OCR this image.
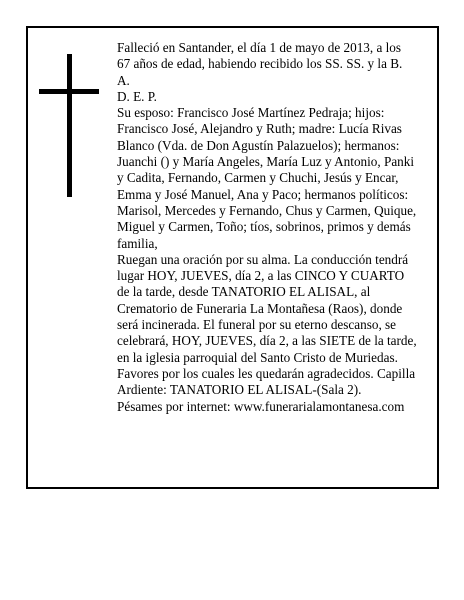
Falleció en Santander, el día 1 de mayo de 2013, a los 67 años de edad, habiendo recibido los SS. SS. y la B. A.

D. E. P.

Su esposo: Francisco José Martínez Pedraja; hijos: Francisco José, Alejandro y Ruth; madre: Lucía Rivas Blanco (Vda. de Don Agustín Palazuelos); hermanos: Juanchi () y María Angeles, María Luz y Antonio, Panki y Cadita, Fernando, Carmen y Chuchi, Jesús y Encar, Emma y José Manuel, Ana y Paco; hermanos políticos: Marisol, Mercedes y Fernando, Chus y Carmen, Quique, Miguel y Carmen, Toño; tíos, sobrinos, primos y demás familia,

Ruegan una oración por su alma. La conducción tendrá lugar HOY, JUEVES, día 2, a las CINCO Y CUARTO de la tarde, desde TANATORIO EL ALISAL, al Crematorio de Funeraria La Montañesa (Raos), donde será incinerada. El funeral por su eterno descanso, se celebrará, HOY, JUEVES, día 2, a las SIETE de la tarde, en la iglesia parroquial del Santo Cristo de Muriedas. Favores por los cuales les quedarán agradecidos. Capilla Ardiente: TANATORIO EL ALISAL-(Sala 2).

Pésames por internet: www.funerarialamontanesa.com
